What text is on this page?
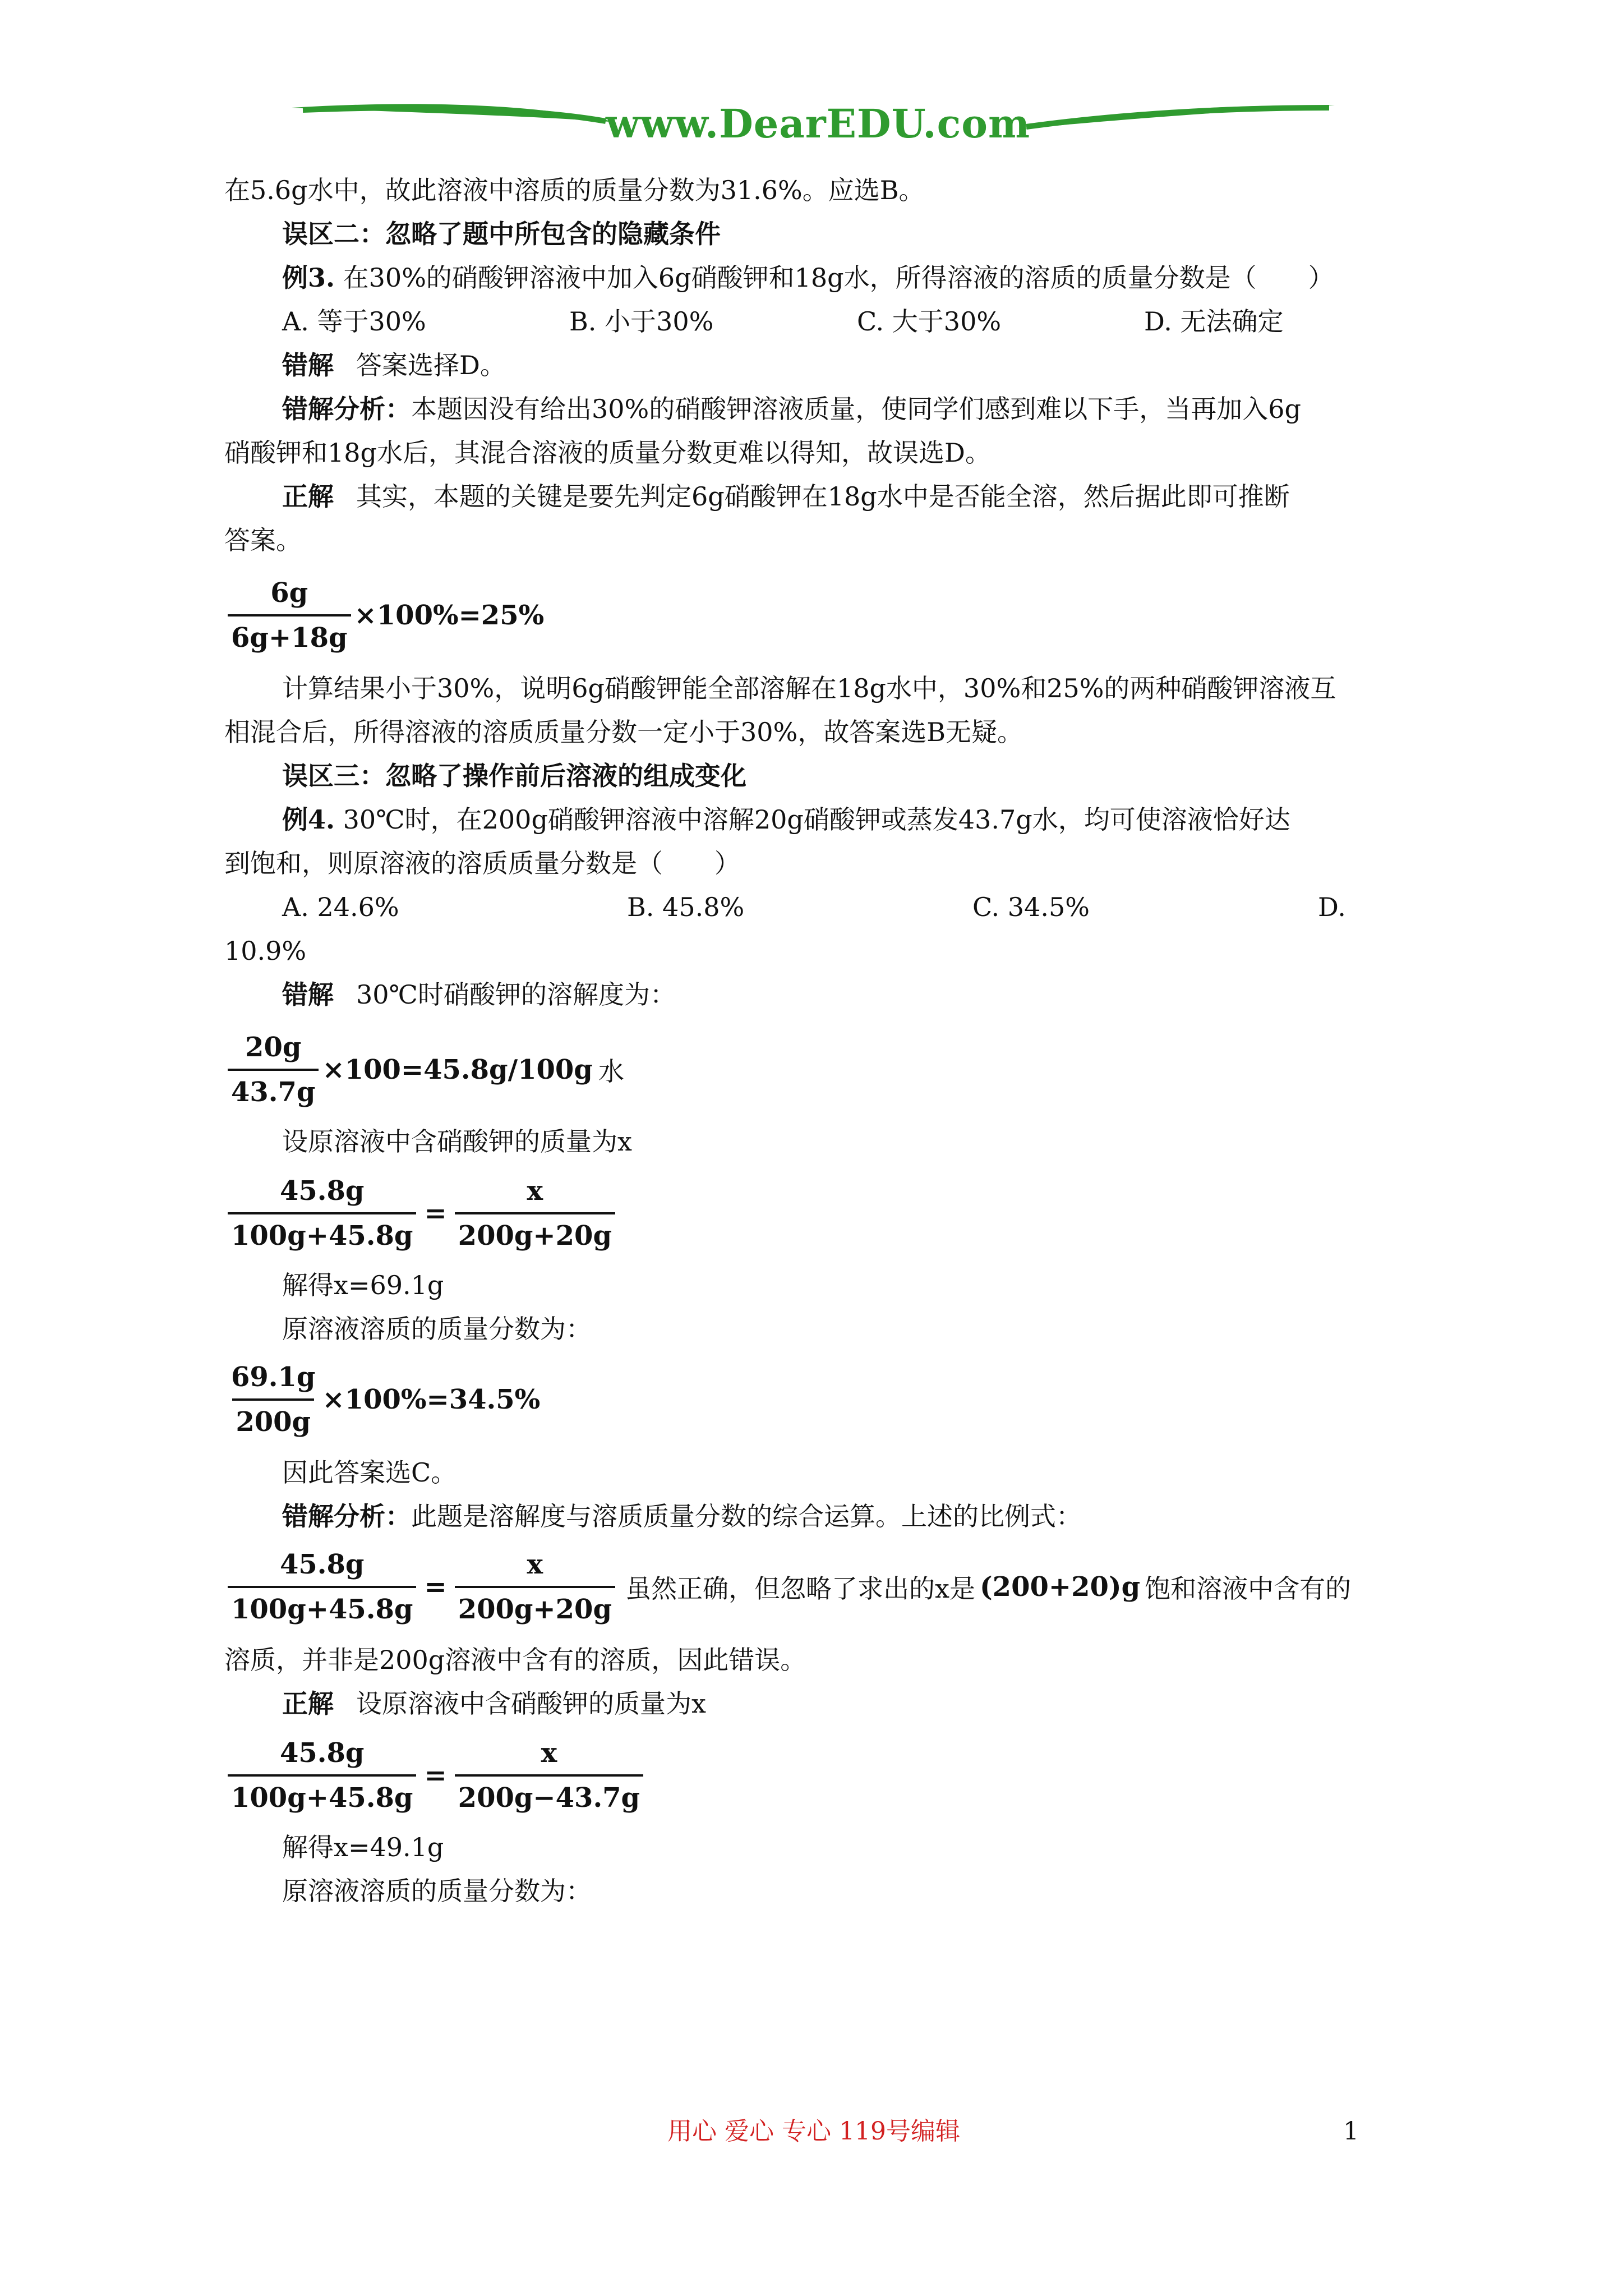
www.DearEDU.com
在5.6g水中，故此溶液中溶质的质量分数为31.6%。应选B。
误区二：忽略了题中所包含的隐藏条件
例3. 在30%的硝酸钾溶液中加入6g硝酸钾和18g水，所得溶液的溶质的质量分数是（　　）
A. 等于30%	B. 小于30%	C. 大于30%	D. 无法确定
错解 答案选择D。
错解分析：本题因没有给出30%的硝酸钾溶液质量，使同学们感到难以下手，当再加入6g
硝酸钾和18g水后，其混合溶液的质量分数更难以得知，故误选D。
正解 其实，本题的关键是要先判定6g硝酸钾在18g水中是否能全溶，然后据此即可推断
答案。
$\frac{6g}{6g+18g} \times 100\%=25\%$
计算结果小于30%，说明6g硝酸钾能全部溶解在18g水中，30%和25%的两种硝酸钾溶液互
相混合后，所得溶液的溶质质量分数一定小于30%，故答案选B无疑。
误区三：忽略了操作前后溶液的组成变化
例4. 30℃时，在200g硝酸钾溶液中溶解20g硝酸钾或蒸发43.7g水，均可使溶液恰好达
到饱和，则原溶液的溶质质量分数是（　　）
A. 24.6%	B. 45.8%	C. 34.5%	D.
10.9%
错解 30℃时硝酸钾的溶解度为：
$\frac{20g}{43.7g} \times 100=45.8g/100g$ 水
设原溶液中含硝酸钾的质量为x
$\frac{45.8g}{100g+45.8g} = \frac{x}{200g+20g}$
解得x=69.1g
原溶液溶质的质量分数为：
$\frac{69.1g}{200g} \times 100\%=34.5\%$
因此答案选C。
错解分析：此题是溶解度与溶质质量分数的综合运算。上述的比例式：
$\frac{45.8g}{100g+45.8g} = \frac{x}{200g+20g}$ 虽然正确，但忽略了求出的x是 (200+20)g 饱和溶液中含有的
溶质，并非是200g溶液中含有的溶质，因此错误。
正解 设原溶液中含硝酸钾的质量为x
$\frac{45.8g}{100g+45.8g} = \frac{x}{200g-43.7g}$
解得x=49.1g
原溶液溶质的质量分数为：
用心 爱心 专心 119号编辑	1
